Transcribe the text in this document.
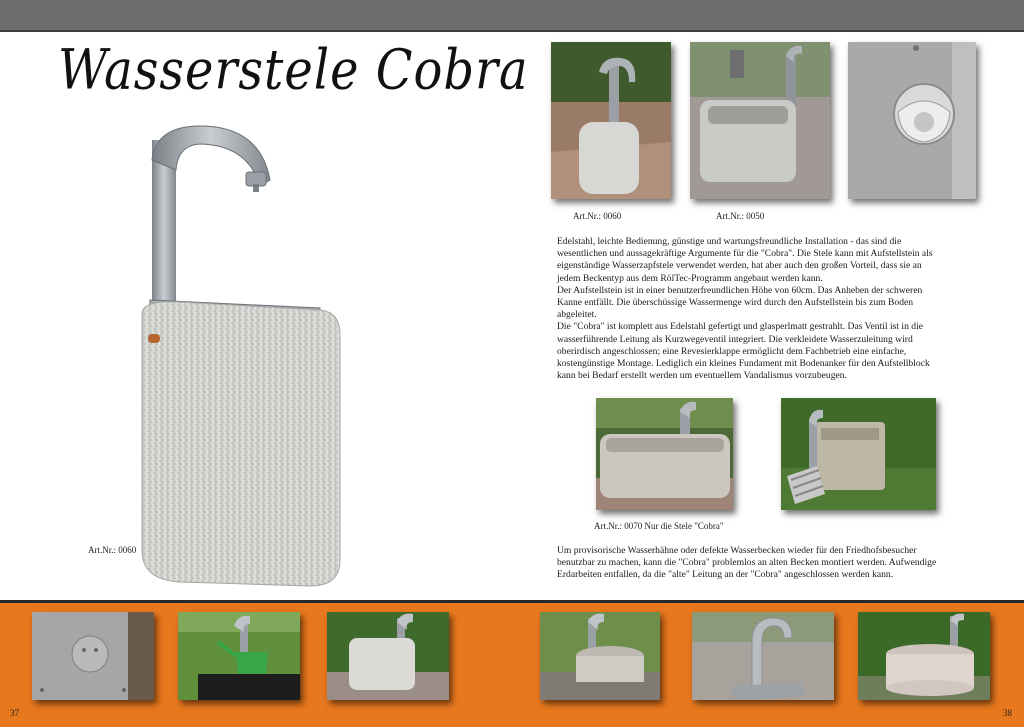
Wasserstele Cobra
Art.Nr.: 0060
Art.Nr.: 0060	Art.Nr.: 0050
Edelstahl, leichte Bedienung, günstige und wartungsfreundliche Installation - das sind die
wesentlichen und aussagekräftige Argumente für die "Cobra". Die Stele kann mit Aufstellstein als
eigenständige Wasserzapfstele verwendet werden, hat aber auch den großen Vorteil, dass sie an
jedem Beckentyp aus dem RölTec-Programm angebaut werden kann.
Der Aufstellstein ist in einer benutzerfreundlichen Höhe von 60cm. Das Anheben der schweren
Kanne entfällt. Die überschüssige Wassermenge wird durch den Aufstellstein bis zum Boden
abgeleitet.
Die "Cobra" ist komplett aus Edelstahl gefertigt und glasperlmatt gestrahlt. Das Ventil ist in die
wasserführende Leitung als Kurzwegeventil integriert. Die verkleidete Wasserzuleitung wird
oberirdisch angeschlossen; eine Revesierklappe ermöglicht dem Fachbetrieb eine einfache,
kostengünstige Montage. Lediglich ein kleines Fundament mit Bodenanker für den Aufstellblock
kann bei Bedarf erstellt werden um eventuellem Vandalismus vorzubeugen.
Art.Nr.: 0070 Nur die Stele "Cobra"
Um provisorische Wasserhähne oder defekte Wasserbecken wieder für den Friedhofsbesucher
benutzbar zu machen, kann die "Cobra" problemlos an alten Becken montiert werden. Aufwendige
Erdarbeiten entfallen, da die "alte" Leitung an der "Cobra" angeschlossen werden kann.
37	38
